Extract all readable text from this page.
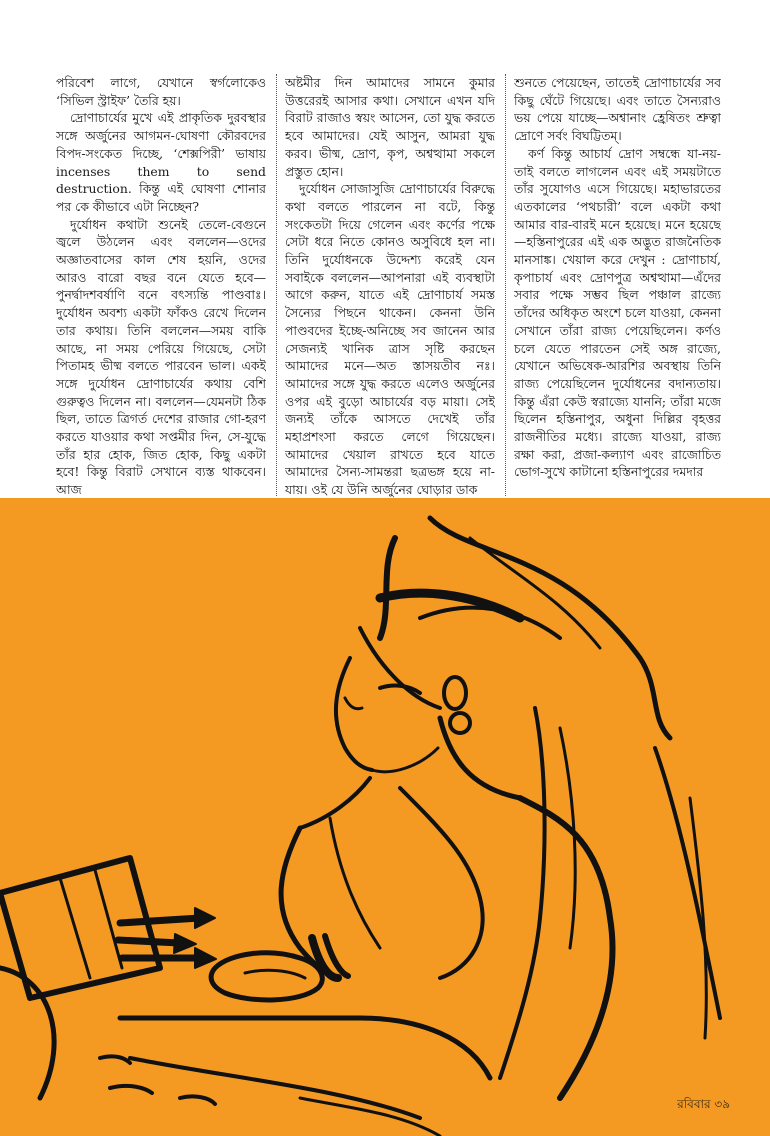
পরিবেশ লাগে, যেখানে স্বর্গলোকেও ‘সিভিল স্ট্রাইফ’ তৈরি হয়।

দ্রোণাচার্যের মুখে এই প্রাকৃতিক দুরবস্থার সঙ্গে অর্জুনের আগমন-ঘোষণা কৌরবদের বিপদ-সংকেত দিচ্ছে, ‘শেক্সপিরী’ ভাষায় incenses them to send destruction. কিন্তু এই ঘোষণা শোনার পর কে কীভাবে এটা নিচ্ছেন?

দুর্যোধন কথাটা শুনেই তেলে-বেগুনে জ্বলে উঠলেন এবং বললেন—ওদের অজ্ঞাতবাসের কাল শেষ হয়নি, ওদের আরও বারো বছর বনে যেতে হবে—পুনর্দ্বাদশবর্ষাণি বনে বৎস্যন্তি পাণ্ডবাঃ। দুর্যোধন অবশ্য একটা ফাঁকও রেখে দিলেন তার কথায়। তিনি বললেন—সময় বাকি আছে, না সময় পেরিয়ে গিয়েছে, সেটা পিতামহ ভীষ্ম বলতে পারবেন ভাল। একই সঙ্গে দুর্যোধন দ্রোণাচার্যের কথায় বেশি গুরুত্বও দিলেন না। বললেন—যেমনটা ঠিক ছিল, তাতে ত্রিগর্ত দেশের রাজার গো-হরণ করতে যাওয়ার কথা সপ্তমীর দিন, সে-যুদ্ধে তাঁর হার হোক, জিত হোক, কিছু একটা হবে! কিন্তু বিরাট সেখানে ব্যস্ত থাকবেন। আজ

অষ্টমীর দিন আমাদের সামনে কুমার উত্তরেরই আসার কথা। সেখানে এখন যদি বিরাট রাজাও স্বয়ং আসেন, তো যুদ্ধ করতে হবে আমাদের। যেই আসুন, আমরা যুদ্ধ করব। ভীষ্ম, দ্রোণ, কৃপ, অশ্বত্থামা সকলে প্রস্তুত হোন।

দুর্যোধন সোজাসুজি দ্রোণাচার্যের বিরুদ্ধে কথা বলতে পারলেন না বটে, কিন্তু সংকেতটা দিয়ে গেলেন এবং কর্ণের পক্ষে সেটা ধরে নিতে কোনও অসুবিধে হল না। তিনি দুর্যোধনকে উদ্দেশ্য করেই যেন সবাইকে বললেন—আপনারা এই ব্যবস্থাটা আগে করুন, যাতে এই দ্রোণাচার্য সমস্ত সৈন্যের পিছনে থাকেন। কেননা উনি পাণ্ডবদের ইচ্ছে-অনিচ্ছে সব জানেন আর সেজন্যই খানিক ত্রাস সৃষ্টি করছেন আমাদের মনে—অত স্তাসয়তীব নঃ। আমাদের সঙ্গে যুদ্ধ করতে এলেও অর্জুনের ওপর এই বুড়ো আচার্যের বড় মায়া। সেই জন্যই তাঁকে আসতে দেখেই তাঁর মহাপ্রশংসা করতে লেগে গিয়েছেন। আমাদের খেয়াল রাখতে হবে যাতে আমাদের সৈন্য-সামন্তরা ছত্রভঙ্গ হয়ে না-যায়। ওই যে উনি অর্জুনের ঘোড়ার ডাক

শুনতে পেয়েছেন, তাতেই দ্রোণাচার্যের সব কিছু ঘেঁটে গিয়েছে। এবং তাতে সৈন্যরাও ভয় পেয়ে যাচ্ছে—অশ্বানাং হ্রেষিতং শ্রুত্বা দ্রোণে সর্বং বিঘট্টিতম্।

কর্ণ কিন্তু আচার্য দ্রোণ সম্বন্ধে যা-নয়-তাই বলতে লাগলেন এবং এই সময়টাতে তাঁর সুযোগও এসে গিয়েছে। মহাভারতের এতকালের ‘পথচারী’ বলে একটা কথা আমার বার-বারই মনে হয়েছে। মনে হয়েছে—হস্তিনাপুরের এই এক অদ্ভুত রাজনৈতিক মানসাঙ্ক। খেয়াল করে দেখুন : দ্রোণাচার্য, কৃপাচার্য এবং দ্রোণপুত্র অশ্বত্থামা—এঁদের সবার পক্ষে সম্ভব ছিল পঞ্চাল রাজ্যে তাঁদের অধিকৃত অংশে চলে যাওয়া, কেননা সেখানে তাঁরা রাজ্য পেয়েছিলেন। কর্ণও চলে যেতে পারতেন সেই অঙ্গ রাজ্যে, যেখানে অভিষেক-আরশির অবস্থায় তিনি রাজ্য পেয়েছিলেন দুর্যোধনের বদান্যতায়। কিন্তু এঁরা কেউ স্বরাজ্যে যাননি; তাঁরা মজে ছিলেন হস্তিনাপুর, অধুনা দিল্লির বৃহত্তর রাজনীতির মধ্যে। রাজ্যে যাওয়া, রাজ্য রক্ষা করা, প্রজা-কল্যাণ এবং রাজোচিত ভোগ-সুখে কাটানো হস্তিনাপুরের দমদার

রবিবার ৩৯
